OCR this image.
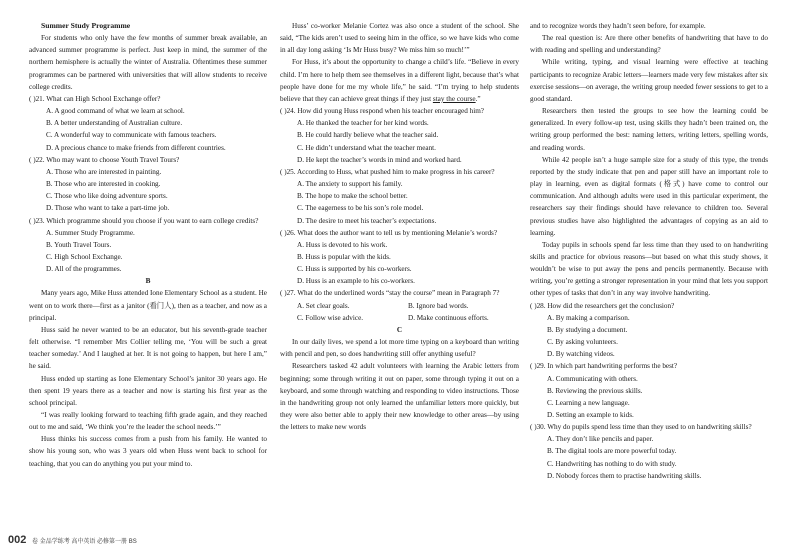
Summer Study Programme

For students who only have the few months of summer break available, an advanced summer programme is perfect. Just keep in mind, the summer of the northern hemisphere is actually the winter of Australia. Oftentimes these summer programmes can be partnered with universities that will allow students to receive college credits.

( )21. What can High School Exchange offer?

A. A good command of what we learn at school.

B. A better understanding of Australian culture.

C. A wonderful way to communicate with famous teachers.

D. A precious chance to make friends from different countries.

( )22. Who may want to choose Youth Travel Tours?

A. Those who are interested in painting.

B. Those who are interested in cooking.

C. Those who like doing adventure sports.

D. Those who want to take a part-time job.

( )23. Which programme should you choose if you want to earn college credits?

A. Summer Study Programme.

B. Youth Travel Tours.

C. High School Exchange.

D. All of the programmes.

B

Many years ago, Mike Huss attended Ione Elementary School as a student. He went on to work there—first as a janitor (看门人), then as a teacher, and now as a principal.

Huss said he never wanted to be an educator, but his seventh-grade teacher felt otherwise. “I remember Mrs Collier telling me, ‘You will be such a great teacher someday.’ And I laughed at her. It is not going to happen, but here I am,” he said.

Huss ended up starting as Ione Elementary School’s janitor 30 years ago. He then spent 19 years there as a teacher and now is starting his first year as the school principal.

“I was really looking forward to teaching fifth grade again, and they reached out to me and said, ‘We think you’re the leader the school needs.’”

Huss thinks his success comes from a push from his family. He wanted to show his young son, who was 3 years old when Huss went back to school for teaching, that you can do anything you put your mind to.

Huss’ co-worker Melanie Cortez was also once a student of the school. She said, “The kids aren’t used to seeing him in the office, so we have kids who come in all day long asking ‘Is Mr Huss busy? We miss him so much!’”

For Huss, it’s about the opportunity to change a child’s life. “Believe in every child. I’m here to help them see themselves in a different light, because that’s what people have done for me my whole life,” he said. “I’m trying to help students believe that they can achieve great things if they just stay the course.”

( )24. How did young Huss respond when his teacher encouraged him?

A. He thanked the teacher for her kind words.

B. He could hardly believe what the teacher said.

C. He didn’t understand what the teacher meant.

D. He kept the teacher’s words in mind and worked hard.

( )25. According to Huss, what pushed him to make progress in his career?

A. The anxiety to support his family.

B. The hope to make the school better.

C. The eagerness to be his son’s role model.

D. The desire to meet his teacher’s expectations.

( )26. What does the author want to tell us by mentioning Melanie’s words?

A. Huss is devoted to his work.

B. Huss is popular with the kids.

C. Huss is supported by his co-workers.

D. Huss is an example to his co-workers.

( )27. What do the underlined words “stay the course” mean in Paragraph 7?

A. Set clear goals.	B. Ignore bad words.
C. Follow wise advice.	D. Make continuous efforts.

C

In our daily lives, we spend a lot more time typing on a keyboard than writing with pencil and pen, so does handwriting still offer anything useful?

Researchers tasked 42 adult volunteers with learning the Arabic letters from beginning; some through writing it out on paper, some through typing it out on a keyboard, and some through watching and responding to video instructions. Those in the handwriting group not only learned the unfamiliar letters more quickly, but they were also better able to apply their new knowledge to other areas—by using the letters to make new words

and to recognize words they hadn’t seen before, for example.

The real question is: Are there other benefits of handwriting that have to do with reading and spelling and understanding?

While writing, typing, and visual learning were effective at teaching participants to recognize Arabic letters—learners made very few mistakes after six exercise sessions—on average, the writing group needed fewer sessions to get to a good standard.

Researchers then tested the groups to see how the learning could be generalized. In every follow-up test, using skills they hadn’t been trained on, the writing group performed the best: naming letters, writing letters, spelling words, and reading words.

While 42 people isn’t a huge sample size for a study of this type, the trends reported by the study indicate that pen and paper still have an important role to play in learning, even as digital formats (格式) have come to control our communication. And although adults were used in this particular experiment, the researchers say their findings should have relevance to children too. Several previous studies have also highlighted the advantages of copying as an aid to learning.

Today pupils in schools spend far less time than they used to on handwriting skills and practice for obvious reasons—but based on what this study shows, it wouldn’t be wise to put away the pens and pencils permanently. Because with writing, you’re getting a stronger representation in your mind that lets you support other types of tasks that don’t in any way involve handwriting.

( )28. How did the researchers get the conclusion?

A. By making a comparison.

B. By studying a document.

C. By asking volunteers.

D. By watching videos.

( )29. In which part handwriting performs the best?

A. Communicating with others.

B. Reviewing the previous skills.

C. Learning a new language.

D. Setting an example to kids.

( )30. Why do pupils spend less time than they used to on handwriting skills?

A. They don’t like pencils and paper.

B. The digital tools are more powerful today.

C. Handwriting has nothing to do with study.

D. Nobody forces them to practise handwriting skills.

002 卷 金品学练考 高中英语 必修第一册 BS
